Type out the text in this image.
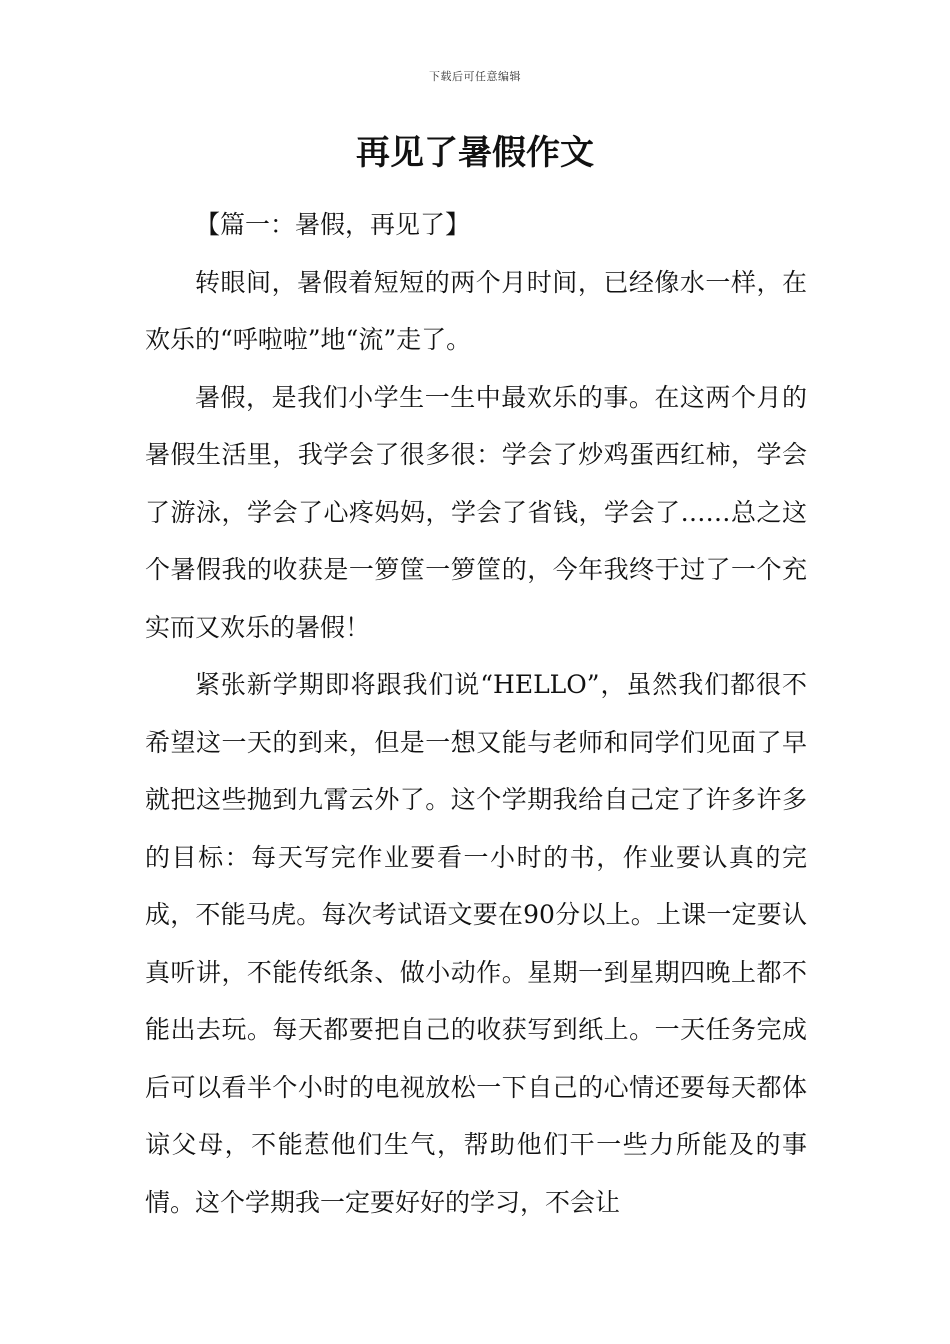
下载后可任意编辑
再见了暑假作文

【篇一：暑假，再见了】

转眼间，暑假着短短的两个月时间，已经像水一样，在欢乐的“呼啦啦”地“流”走了。

暑假，是我们小学生一生中最欢乐的事。在这两个月的暑假生活里，我学会了很多很：学会了炒鸡蛋西红柿，学会了游泳，学会了心疼妈妈，学会了省钱，学会了……总之这个暑假我的收获是一箩筐一箩筐的，今年我终于过了一个充实而又欢乐的暑假！

紧张新学期即将跟我们说“HELLO”，虽然我们都很不希望这一天的到来，但是一想又能与老师和同学们见面了早就把这些抛到九霄云外了。这个学期我给自己定了许多许多的目标：每天写完作业要看一小时的书，作业要认真的完成，不能马虎。每次考试语文要在90分以上。上课一定要认真听讲，不能传纸条、做小动作。星期一到星期四晚上都不能出去玩。每天都要把自己的收获写到纸上。一天任务完成后可以看半个小时的电视放松一下自己的心情还要每天都体谅父母，不能惹他们生气，帮助他们干一些力所能及的事情。这个学期我一定要好好的学习，不会让
